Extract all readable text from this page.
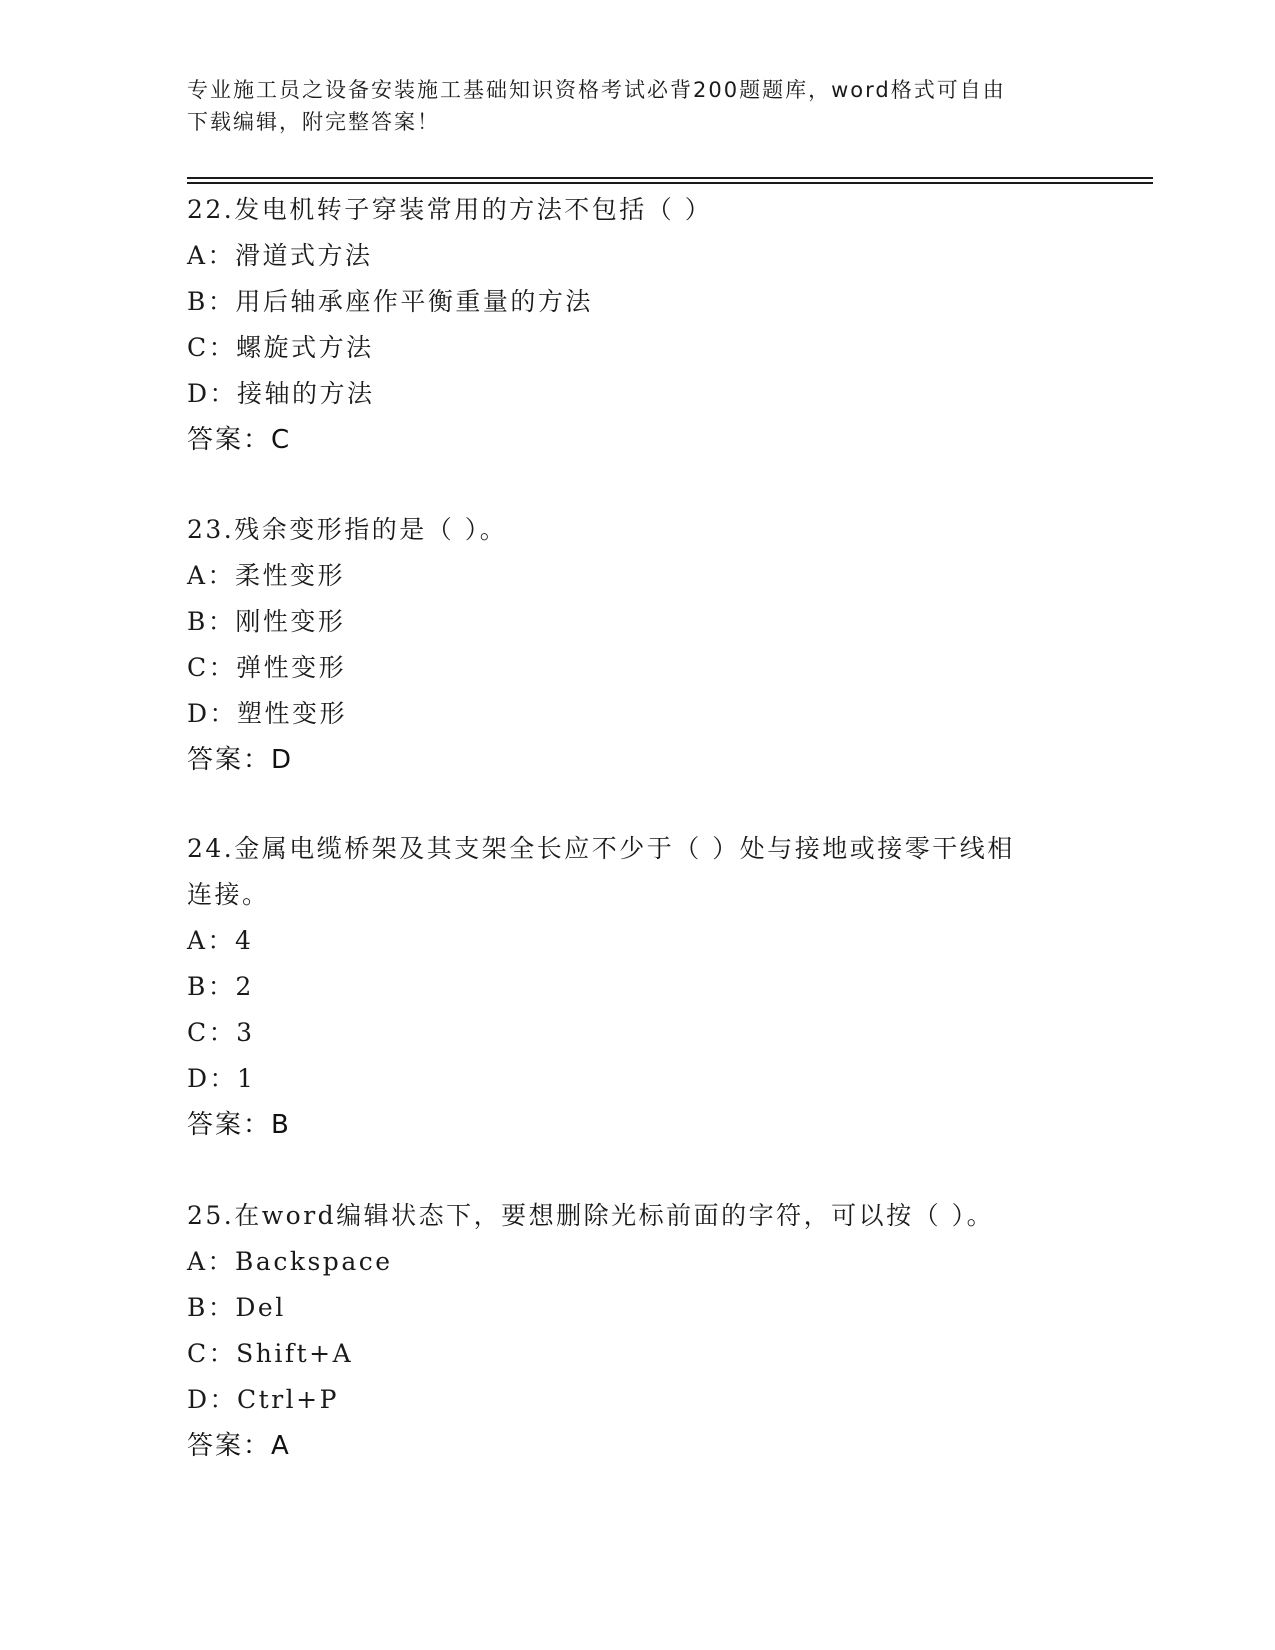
专业施工员之设备安装施工基础知识资格考试必背200题题库，word格式可自由
下载编辑，附完整答案！
22.发电机转子穿装常用的方法不包括（ ）
A：滑道式方法
B：用后轴承座作平衡重量的方法
C：螺旋式方法
D：接轴的方法
答案：C
23.残余变形指的是（ ）。
A：柔性变形
B：刚性变形
C：弹性变形
D：塑性变形
答案：D
24.金属电缆桥架及其支架全长应不少于（ ）处与接地或接零干线相
连接。
A：4
B：2
C：3
D：1
答案：B
25.在word编辑状态下，要想删除光标前面的字符，可以按（ ）。
A：Backspace
B：Del
C：Shift+A
D：Ctrl+P
答案：A
